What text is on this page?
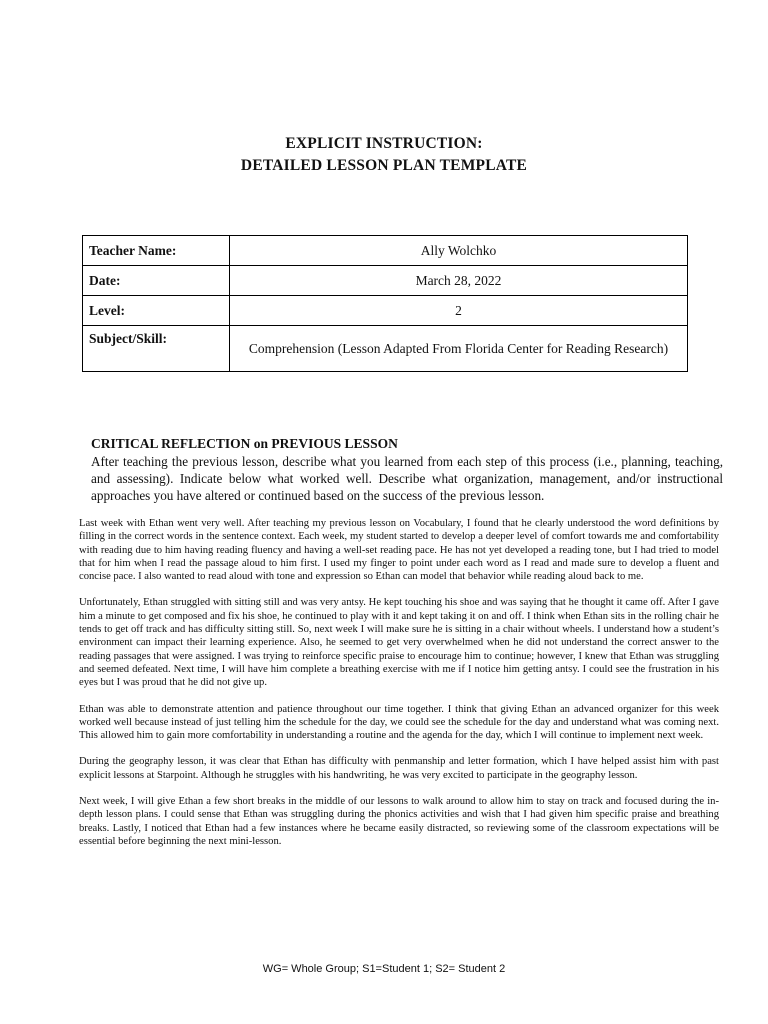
EXPLICIT INSTRUCTION:
DETAILED LESSON PLAN TEMPLATE
Teacher Name:	Ally Wolchko
Date:	March 28, 2022
Level:	2
Subject/Skill:	Comprehension (Lesson Adapted From Florida Center for Reading Research)
CRITICAL REFLECTION on PREVIOUS LESSON
After teaching the previous lesson, describe what you learned from each step of this process (i.e., planning, teaching, and assessing). Indicate below what worked well. Describe what organization, management, and/or instructional approaches you have altered or continued based on the success of the previous lesson.

Last week with Ethan went very well. After teaching my previous lesson on Vocabulary, I found that he clearly understood the word definitions by filling in the correct words in the sentence context. Each week, my student started to develop a deeper level of comfort towards me and comfortability with reading due to him having reading fluency and having a well-set reading pace. He has not yet developed a reading tone, but I had tried to model that for him when I read the passage aloud to him first. I used my finger to point under each word as I read and made sure to develop a fluent and concise pace. I also wanted to read aloud with tone and expression so Ethan can model that behavior while reading aloud back to me.

Unfortunately, Ethan struggled with sitting still and was very antsy. He kept touching his shoe and was saying that he thought it came off. After I gave him a minute to get composed and fix his shoe, he continued to play with it and kept taking it on and off. I think when Ethan sits in the rolling chair he tends to get off track and has difficulty sitting still. So, next week I will make sure he is sitting in a chair without wheels. I understand how a student’s environment can impact their learning experience. Also, he seemed to get very overwhelmed when he did not understand the correct answer to the reading passages that were assigned. I was trying to reinforce specific praise to encourage him to continue; however, I knew that Ethan was struggling and seemed defeated. Next time, I will have him complete a breathing exercise with me if I notice him getting antsy. I could see the frustration in his eyes but I was proud that he did not give up.

Ethan was able to demonstrate attention and patience throughout our time together. I think that giving Ethan an advanced organizer for this week worked well because instead of just telling him the schedule for the day, we could see the schedule for the day and understand what was coming next. This allowed him to gain more comfortability in understanding a routine and the agenda for the day, which I will continue to implement next week.

During the geography lesson, it was clear that Ethan has difficulty with penmanship and letter formation, which I have helped assist him with past explicit lessons at Starpoint. Although he struggles with his handwriting, he was very excited to participate in the geography lesson.

Next week, I will give Ethan a few short breaks in the middle of our lessons to walk around to allow him to stay on track and focused during the in-depth lesson plans. I could sense that Ethan was struggling during the phonics activities and wish that I had given him specific praise and breathing breaks. Lastly, I noticed that Ethan had a few instances where he became easily distracted, so reviewing some of the classroom expectations will be essential before beginning the next mini-lesson.

WG= Whole Group; S1=Student 1; S2= Student 2
